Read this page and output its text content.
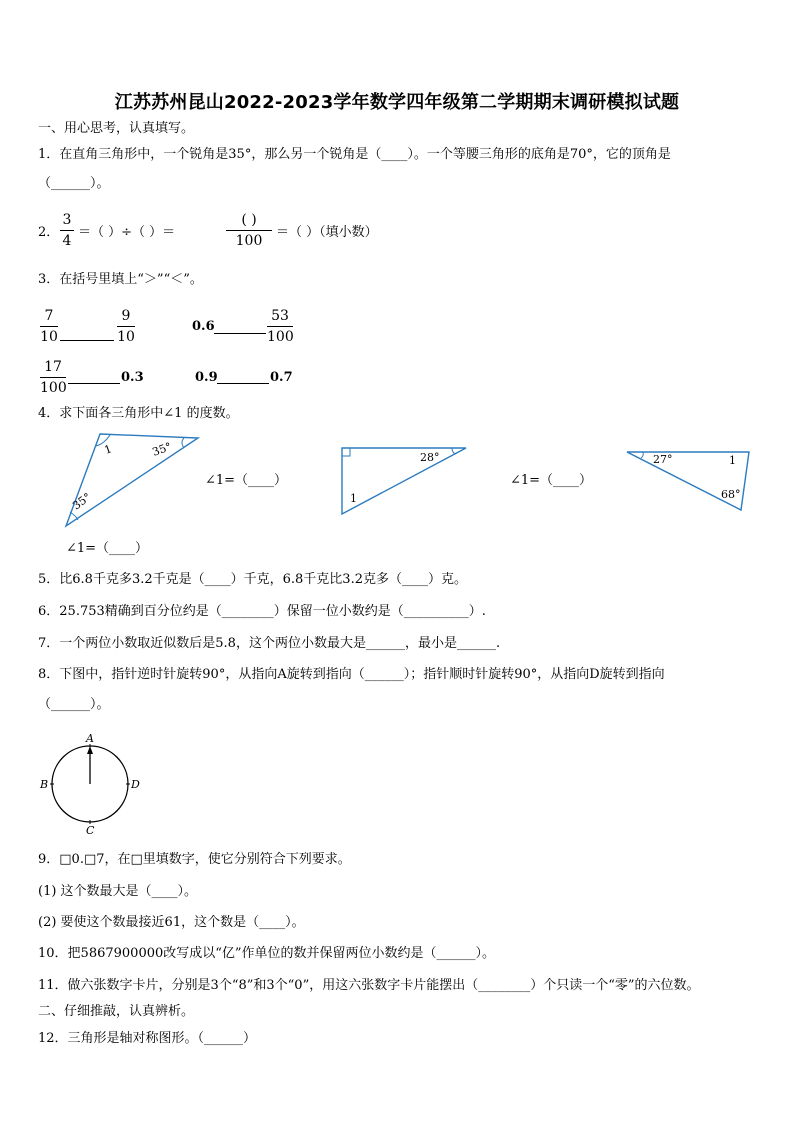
江苏苏州昆山2022-2023学年数学四年级第二学期期末调研模拟试题
一、用心思考，认真填写。
1．在直角三角形中，一个锐角是35°，那么另一个锐角是（____）。一个等腰三角形的底角是70°，它的顶角是
（______）。
2．
3
4
＝（ ）÷（ ）＝
( )
100
＝（ ）（填小数）
3．在括号里填上“＞”“＜”。
7
10
9
10
0.6
53
100
17
100
0.3	0.9	0.7
4．求下面各三角形中∠1 的度数。
1	35°
35°
∠1=（____）
∠1=（____）
28°
1
∠1=（____）
27°	1
68°
5．比6.8千克多3.2千克是（____）千克，6.8千克比3.2克多（____）克。
6．25.753精确到百分位约是（________）保留一位小数约是（__________）.
7．一个两位小数取近似数后是5.8，这个两位小数最大是______，最小是______.
8．下图中，指针逆时针旋转90°，从指向A旋转到指向（______）；指针顺时针旋转90°，从指向D旋转到指向
（______）。
A
B
C
D
9．□0.□7，在□里填数字，使它分别符合下列要求。
(1) 这个数最大是（____）。
(2) 要使这个数最接近61，这个数是（____）。
10．把5867900000改写成以“亿”作单位的数并保留两位小数约是（______）。
11．做六张数字卡片，分别是3个“8”和3个“0”，用这六张数字卡片能摆出（________）个只读一个“零”的六位数。
二、仔细推敲，认真辨析。
12．三角形是轴对称图形。（______）
